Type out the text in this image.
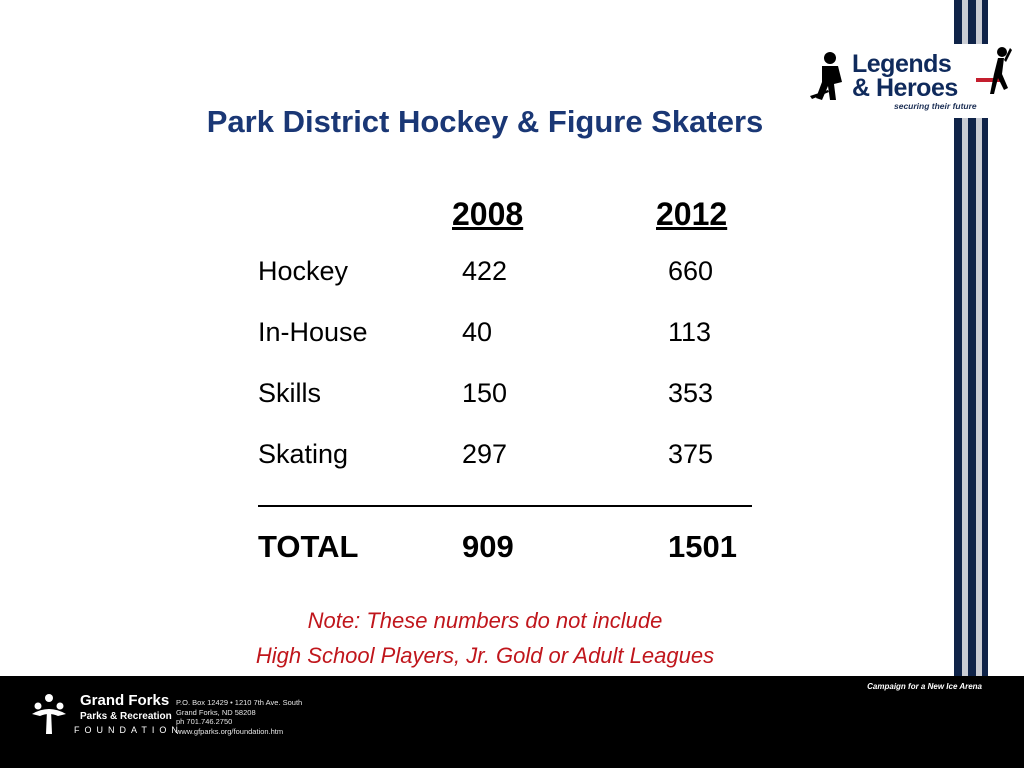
Legends
& Heroes
securing their future
Park District Hockey & Figure Skaters
2008	2012
Hockey	422	660
In-House	40	113
Skills	150	353
Skating	297	375
TOTAL	909	1501
Note: These numbers do not include
High School Players, Jr. Gold or Adult Leagues
Grand Forks
Parks & Recreation
FOUNDATION
P.O. Box 12429 • 1210 7th Ave. South
Grand Forks, ND 58208
ph 701.746.2750
www.gfparks.org/foundation.htm
Campaign for a New Ice Arena
